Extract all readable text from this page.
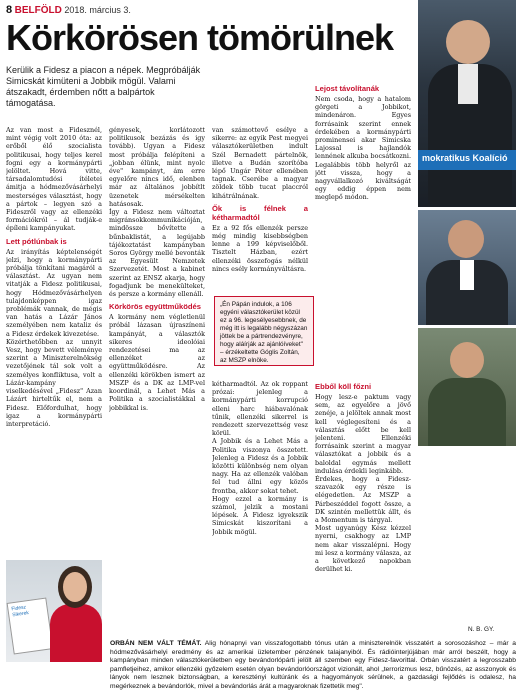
8 BELFÖLD 2018. március 3.
Körkörösen tömörülnek
Kerülik a Fidesz a piacon a népek. Megpróbálják Simicskát kimüteni a Jobbik mögül. Valami átszakadt, érdemben nőtt a balpártok támogatása.

Az van most a Fidesznél, mint végig volt 2010 óta: az erőből élő szocialista politikusai, hogy teljes kerel fogni egy a kormánypárti jelöltet. Hová vitte, társadalomtudósi ítéletei ámitja a hódmezővásárhelyi mesterséges választást, hogy a pártok – legyen szó a Fideszről vagy az ellenzéki formációkról – ál tudják-e épíleni kampányukat.

Lett pótlúnbak is

Az irányítás képtelenségét jelzi, hogy a kormánypárti próbálja tönkítani magáról a választást. Az ugyan nem vitatják a Fidesz politikusai, hogy Hódmezővásárhelyen tulajdonképpen igaz problémák vannak, de mégis van hatás a Lázár János személyében nem kataliz és a Fidesz érdekek kivezetése.

Közérthetőbben az unnyit Vesz, hogy bevett véleménye szerint a Miniszterelnökség vezetőjének tál sok volt a személyes konfliktusa, volt a Lázár-kampány viselkedésével „Fidesz" Azan Lázárt hirteltűk el, nem a Fidesz. Előfordulhat, hogy igaz a kormánypárti interpretáció.

gényesek, korlátozott politikusok bezázás és igy tovább). Ugyan a Fidesz most próbálja felépíteni a „jobban élünk, mint nyolc éve" kampányt, ám erre egyelőre nincs idő, elenben már az általános jobbítlt üzenetek mérsékelten hatásosak.

Így a Fidesz nem változtat migránsokkommunikációján, mindössze bővítette a bűnbaklistát, a legújabb tájékoztatást kampányban Soros György mellé bevonták az Egyesült Nemzetek Szervezetét. Most a kabinet szerint az ENSZ akarja, hogy fogadjunk be menekülteket, és persze a kormány ellenáll.

Körkörös együttműködés

A kormány nem végletlenül próbál lázasan újraszíneni kampányát, a választók sikeres ideolóiai rendezetései ma az ellenzéket az együttműködésre. Az ellenzéki körökben ismert az MSZP és a DK az LMP-vel koordinál, a Lehet Más a Politika a szocialistákkal a jobbikkal is.

van számottevő esélye a sikerre: az egyik Pest megyei választókerületben indult Szél Bernadett pártelnök, illetve a Budán szorítóba lépő Ungár Péter ellenében tagnak. Cserébe a magyar zöldek több tucat placcról kihátrálnának.

Ők is félnek a kétharmadtól

Ez a 92 fős ellenzék persze még mindig kisebbségben lenne a 199 képviselőből. Tisztelt Házban, ezért ellenzéki összefogás nélkül nincs esély kormányváltásra.

„Én Pápán indulok, a 106 egyéni választókerület közül ez a 96. legesélyesebbnek, de még itt is legalább négyszázan jöttek be a pártrendezvényre, hogy aláírják az ajánlóíveket" – érzékeltette Góglis Zoltán, az MSZP elnöke.

kétharmadtól. Az ok roppant prózai: jelenleg a kormánypárti korrupció elleni harc hiábavalónak tűnik, ellenzéki sikerrel is rendezett szervezettség vesz körül.

A Jobbik és a Lehet Más a Politika viszonya összetett. Jelenleg a Fidesz és a Jobbik közötti különbség nem olyan nagy. Ha az ellenzék valóban fel tud állni egy közös frontba, akkor sokat tehet.

Hogy ezzel a kormány is számol, jelzik a mostani lépések. A Fidesz igyekszik Simicskát kiszorítani a Jobbik mögül.

Lejost távolítanák

Nem csoda, hogy a hatalom görgeti a Jobbikot, mindenáron. Egyes forrásaink szerint ennek érdekében a kormánypárti prominensei akar Simicska Lajossal is hajlandók lennének alkuba bocsátkozni. Legalábbis több helyről az jött vissza, hogy a nagyvállalkozó kiváltságát egy eddig éppen nem meglepő módon.

Ebből köll főzni

Hogy lesz-e paktum vagy sem, az egyelőre a jövő zenéje, a jelöltek annak most kell véglegesíteni és a választás előtt be kell jelenteni. Ellenzéki forrásaink szerint a magyar választókat a jobbik és a baloldal egymás mellett indulása érdekli leginkább.

Érdekes, hogy a Fidesz-szavazók egy része is elégedetlen. Az MSZP a Párbeszéddel fogott össze, a DK szintén mellettük állt, és a Momentum is tárgyal.

Most ugyanúgy Kész kézzel nyerni, csakhogy az LMP nem akar visszalépni. Hogy mi lesz a kormány válasza, az a következő napokban derülhet ki.

mokratikus Koalíció
Fidesz Sikerek
N. B. GY.
ORBÁN NEM VÁLT TÉMÁT. Alig hónapnyi van visszafogottabb tónus után a miniszterelnök visszatért a sorosozáshoz – már a hódmezővásárhelyi eredmény és az amerikai üzletember pénzének talajanyiból. És rádióinterjújában már arról beszélt, hogy a kampányban minden választókerületben egy bevándorlópárti jelölt áll szemben egy Fidesz-favorittal. Orbán visszatért a legrosszabb pamfletjeihez, amikor ellenzéki győzelem esetén olyan bevándorlóországot vizionált, ahol „terrorizmus lesz, bűnözés, az asszonyok és lányok nem lesznek biztonságban, a keresztényi kultúránk és a hagyományok sérülnek, a gazdasági fejlődés is odalesz, ha megérkeznek a bevándorlók, mivel a bevándorlás árát a magyaroknak fizettetik meg".
